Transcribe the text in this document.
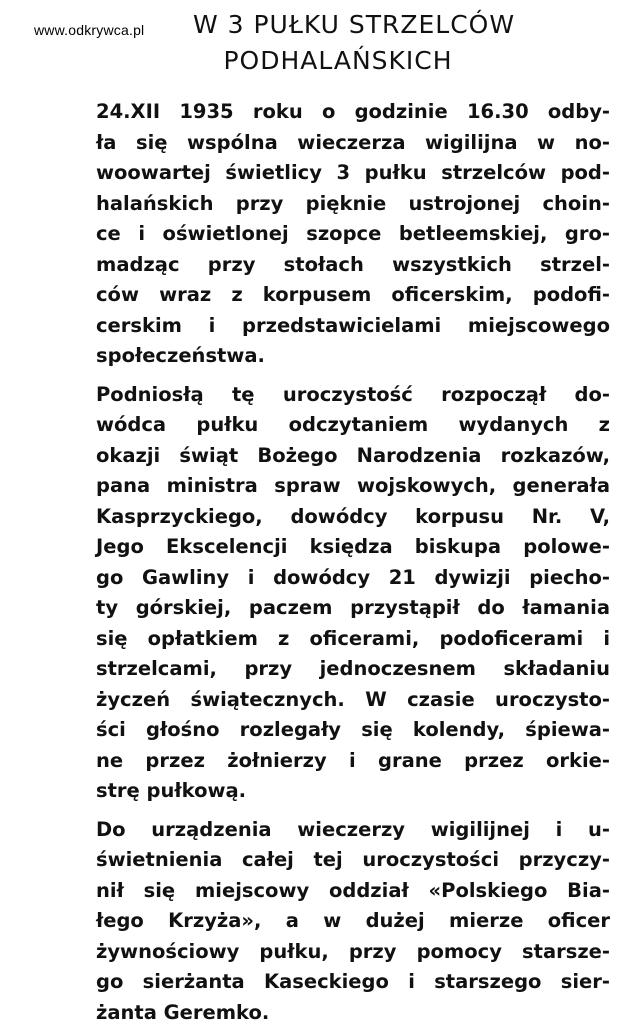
www.odkrywca.pl	W 3 PUŁKU STRZELCÓW
PODHALAŃSKICH
24.XII 1935 roku o godzinie 16.30 odby-
ła się wspólna wieczerza wigilijna w no-
woowartej świetlicy 3 pułku strzelców pod-
halańskich przy pięknie ustrojonej choin-
ce i oświetlonej szopce betleemskiej, gro-
madząc przy stołach wszystkich strzel-
ców wraz z korpusem oficerskim, podofi-
cerskim i przedstawicielami miejscowego
społeczeństwa.
Podniosłą tę uroczystość rozpoczął do-
wódca pułku odczytaniem wydanych z
okazji świąt Bożego Narodzenia rozkazów,
pana ministra spraw wojskowych, generała
Kasprzyckiego, dowódcy korpusu Nr. V,
Jego Ekscelencji księdza biskupa polowe-
go Gawliny i dowódcy 21 dywizji piecho-
ty górskiej, paczem przystąpił do łamania
się opłatkiem z oficerami, podoficerami i
strzelcami, przy jednoczesnem składaniu
życzeń świątecznych. W czasie uroczysto-
ści głośno rozlegały się kolendy, śpiewa-
ne przez żołnierzy i grane przez orkie-
strę pułkową.
Do urządzenia wieczerzy wigilijnej i u-
świetnienia całej tej uroczystości przyczy-
nił się miejscowy oddział «Polskiego Bia-
łego Krzyża», a w dużej mierze oficer
żywnościowy pułku, przy pomocy starsze-
go sierżanta Kaseckiego i starszego sier-
żanta Geremko.
